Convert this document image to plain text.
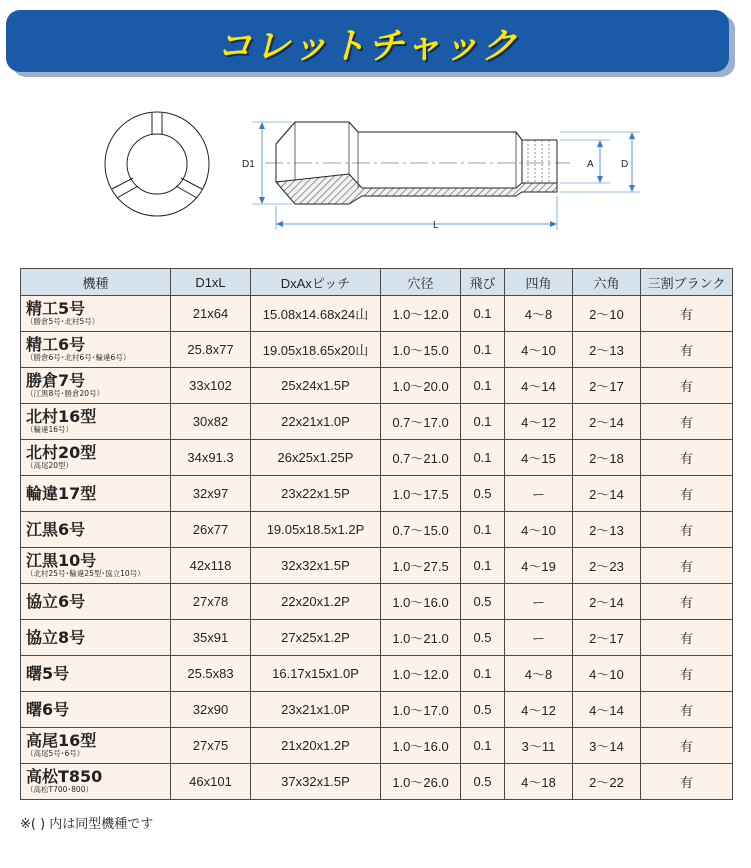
コレットチャック
D1	A	D
L
機種	D1xL	DxAxピッチ	穴径	飛び	四角	六角	三割ブランク

精工5号
（勝倉5号･北村5号）	21x64	15.08x14.68x24山	1.0〜12.0	0.1	4〜8	2〜10	有

精工6号
（勝倉6号･北村6号･輪違6号）	25.8x77	19.05x18.65x20山	1.0〜15.0	0.1	4〜10	2〜13	有

勝倉7号
（江黒8号･勝倉20号）	33x102	25x24x1.5P	1.0〜20.0	0.1	4〜14	2〜17	有

北村16型
（輪違16号）	30x82	22x21x1.0P	0.7〜17.0	0.1	4〜12	2〜14	有

北村20型
（高尾20型）	34x91.3	26x25x1.25P	0.7〜21.0	0.1	4〜15	2〜18	有

輪違17型	32x97	23x22x1.5P	1.0〜17.5	0.5	ー	2〜14	有

江黒6号	26x77	19.05x18.5x1.2P	0.7〜15.0	0.1	4〜10	2〜13	有

江黒10号
（北村25号･輪違25型･協立10号）	42x118	32x32x1.5P	1.0〜27.5	0.1	4〜19	2〜23	有

協立6号	27x78	22x20x1.2P	1.0〜16.0	0.5	ー	2〜14	有

協立8号	35x91	27x25x1.2P	1.0〜21.0	0.5	ー	2〜17	有

曙5号	25.5x83	16.17x15x1.0P	1.0〜12.0	0.1	4〜8	4〜10	有

曙6号	32x90	23x21x1.0P	1.0〜17.0	0.5	4〜12	4〜14	有

高尾16型
（高尾5号･6号）	27x75	21x20x1.2P	1.0〜16.0	0.1	3〜11	3〜14	有

高松T850
（高松T700･800）	46x101	37x32x1.5P	1.0〜26.0	0.5	4〜18	2〜22	有
※( ) 内は同型機種です
